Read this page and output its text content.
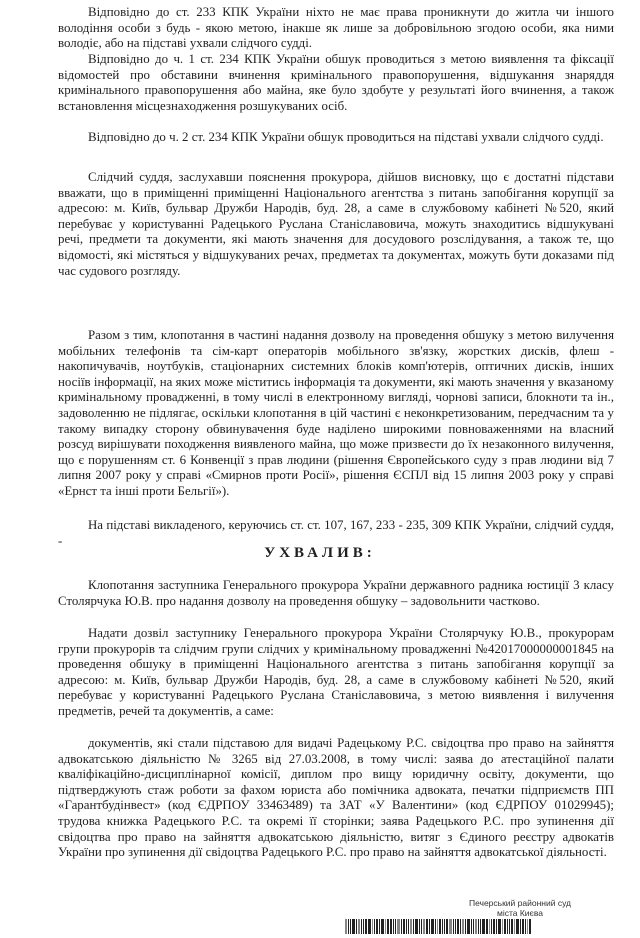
Відповідно до ст. 233 КПК України ніхто не має права проникнути до житла чи іншого володіння особи з будь - якою метою, інакше як лише за добровільною згодою особи, яка ними володіє, або на підставі ухвали слідчого судді.

Відповідно до ч. 1 ст. 234 КПК України обшук проводиться з метою виявлення та фіксації відомостей про обставини вчинення кримінального правопорушення, відшукання знаряддя кримінального правопорушення або майна, яке було здобуте у результаті його вчинення, а також встановлення місцезнаходження розшукуваних осіб.

Відповідно до ч. 2 ст. 234 КПК України обшук проводиться на підставі ухвали слідчого судді.

Слідчий суддя, заслухавши пояснення прокурора, дійшов висновку, що є достатні підстави вважати, що в приміщенні приміщенні Національного агентства з питань запобігання корупції за адресою: м. Київ, бульвар Дружби Народів, буд. 28, а саме в службовому кабінеті №520, який перебуває у користуванні Радецького Руслана Станіславовича, можуть знаходитись відшукувані речі, предмети та документи, які мають значення для досудового розслідування, а також те, що відомості, які містяться у відшукуваних речах, предметах та документах, можуть бути доказами під час судового розгляду.

Разом з тим, клопотання в частині надання дозволу на проведення обшуку з метою вилучення мобільних телефонів та сім-карт операторів мобільного зв'язку, жорстких дисків, флеш - накопичувачів, ноутбуків, стаціонарних системних блоків комп'ютерів, оптичних дисків, інших носіїв інформації, на яких може міститись інформація та документи, які мають значення у вказаному кримінальному провадженні, в тому числі в електронному вигляді, чорнові записи, блокноти та ін., задоволенню не підлягає, оскільки клопотання в цій частині є неконкретизованим, передчасним та у такому випадку сторону обвинувачення буде наділено широкими повноваженнями на власний розсуд вирішувати походження виявленого майна, що може призвести до їх незаконного вилучення, що є порушенням ст. 6 Конвенції з прав людини (рішення Європейського суду з прав людини від 7 липня 2007 року у справі «Смирнов проти Росії», рішення ЄСПЛ від 15 липня 2003 року у справі «Ернст та інші проти Бельгії»).

На підставі викладеного, керуючись ст. ст. 107, 167, 233 - 235, 309 КПК України, слідчий суддя, -

УХВАЛИВ:

Клопотання заступника Генерального прокурора України державного радника юстиції 3 класу Столярчука Ю.В. про надання дозволу на проведення обшуку – задовольнити частково.

Надати дозвіл заступнику Генерального прокурора України Столярчуку Ю.В., прокурорам групи прокурорів та слідчим групи слідчих у кримінальному провадженні №42017000000001845 на проведення обшуку в приміщенні Національного агентства з питань запобігання корупції за адресою: м. Київ, бульвар Дружби Народів, буд. 28, а саме в службовому кабінеті №520, який перебуває у користуванні Радецького Руслана Станіславовича, з метою виявлення і вилучення предметів, речей та документів, а саме:

документів, які стали підставою для видачі Радецькому Р.С. свідоцтва про право на зайняття адвокатською діяльністю № 3265 від 27.03.2008, в тому числі: заява до атестаційної палати кваліфікаційно-дисциплінарної комісії, диплом про вищу юридичну освіту, документи, що підтверджують стаж роботи за фахом юриста або помічника адвоката, печатки підприємств ПП «Гарантбудінвест» (код ЄДРПОУ 33463489) та ЗАТ «У Валентини» (код ЄДРПОУ 01029945); трудова книжка Радецького Р.С. та окремі її сторінки; заява Радецького Р.С. про зупинення дії свідоцтва про право на зайняття адвокатською діяльністю, витяг з Єдиного реєстру адвокатів України про зупинення дії свідоцтва Радецького Р.С. про право на зайняття адвокатської діяльності.

Печерський районний суд
міста Києва
